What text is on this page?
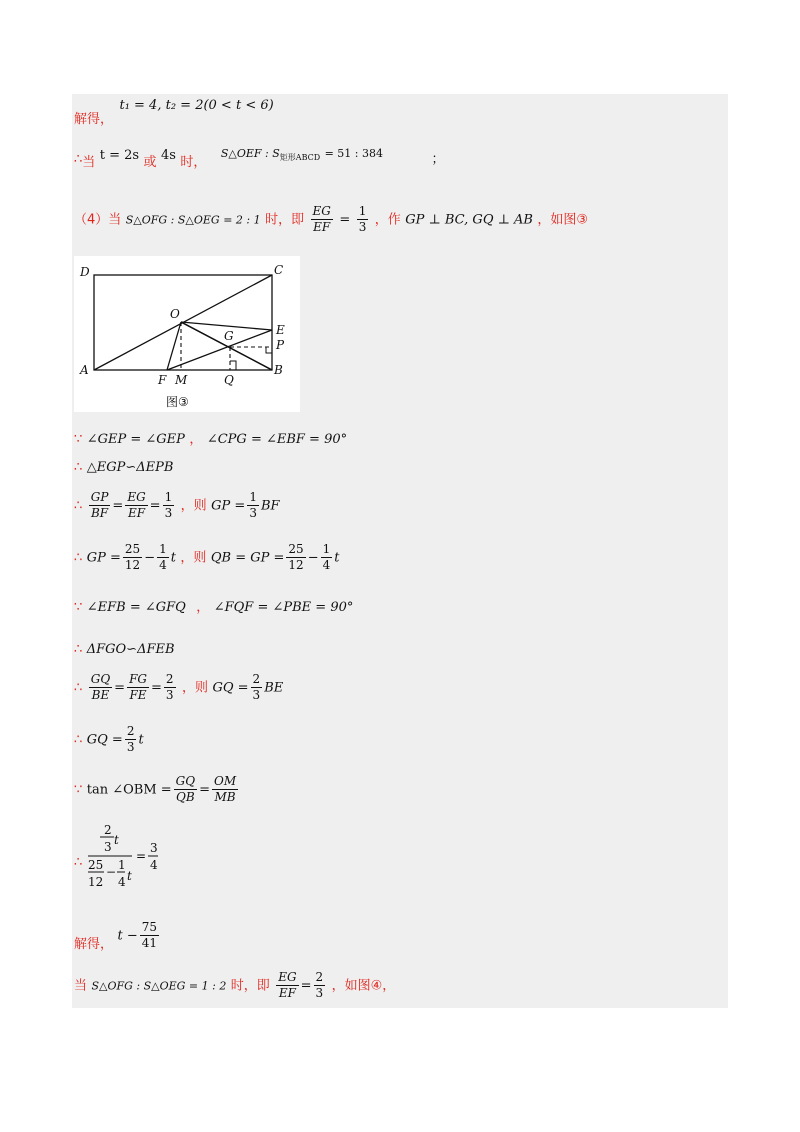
解得， t₁ = 4, t₂ = 2(0 < t < 6)
∴当 t = 2s 或 4s 时， $^{S\triangle OEF : S矩形ABCD}$ $^{= 51 : 384}$	；
（4）当 S△OFG : S△OEG = 2 : 1 时，即 $\frac{EG}{EF} = \frac{1}{3}$ ，作 GP ⊥ BC, GQ ⊥ AB ，如图③
D	C
O
E
G
P
A
F M	Q
B
图③
∵ ∠GEP = ∠GEP ， ∠CPG = ∠EBF = 90°
∴ △EGP∽ΔEPB
∴ $\frac{GP}{BF} = \frac{EG}{EF} = \frac{1}{3}$ ，则 GP = $\frac{1}{3}$ BF
∴ GP = $\frac{25}{12} - \frac{1}{4}$ t ，则 QB = GP = $\frac{25}{12} - \frac{1}{4}$ t
∵ ∠EFB = ∠GFQ ， ∠FQF = ∠PBE = 90°
∴ ΔFGO∽ΔFEB
∴ $\frac{GQ}{BE} = \frac{FG}{FE} = \frac{2}{3}$ ，则 GQ = $\frac{2}{3}$ BE
∴ GQ = $\frac{2}{3}$ t
∵ tan ∠OBM = $\frac{GQ}{QB} = \frac{OM}{MB}$
∴
2
t
3
25
12
− 1
4 t
=
3
4
解得， $t - \frac{75}{41}$
当 S△OFG : S△OEG = 1 : 2 时，即 $\frac{EG}{EF} = \frac{2}{3}$ ，如图④，
